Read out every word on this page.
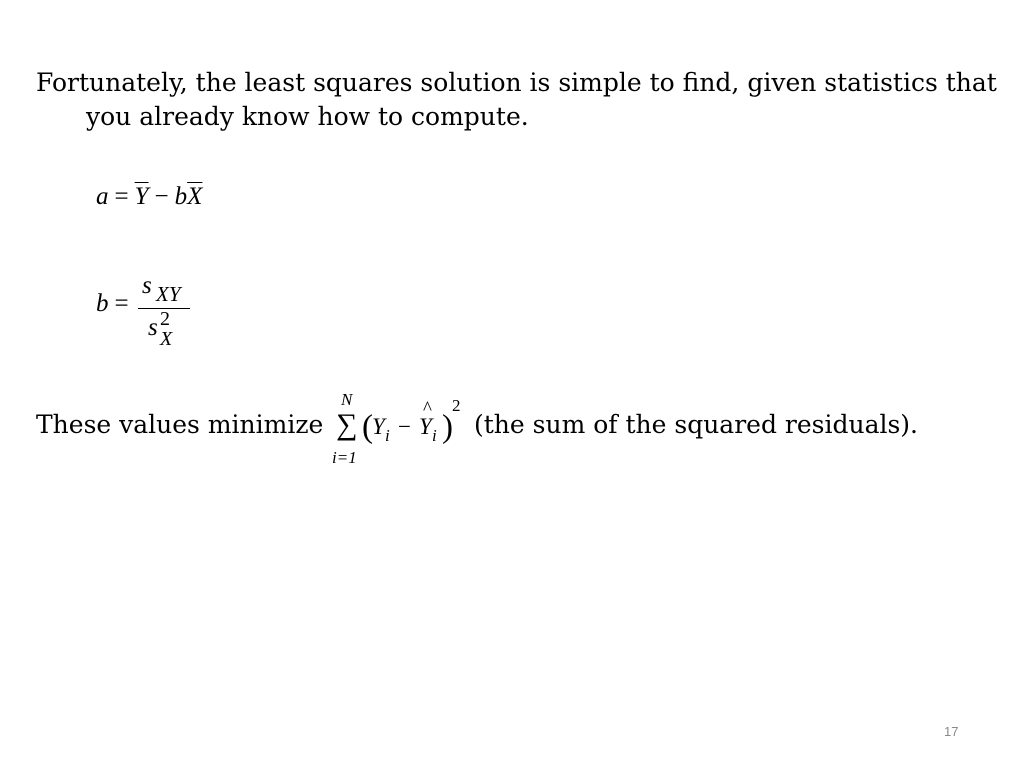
Fortunately, the least squares solution is simple to find, given statistics that you already know how to compute.
$a = \overline{Y} - b\overline{X}$
b =
s XY
s 2
X
These values minimize
N
∑
i=1
( Y i − Y
^
i )
2
(the sum of the squared residuals).
17
